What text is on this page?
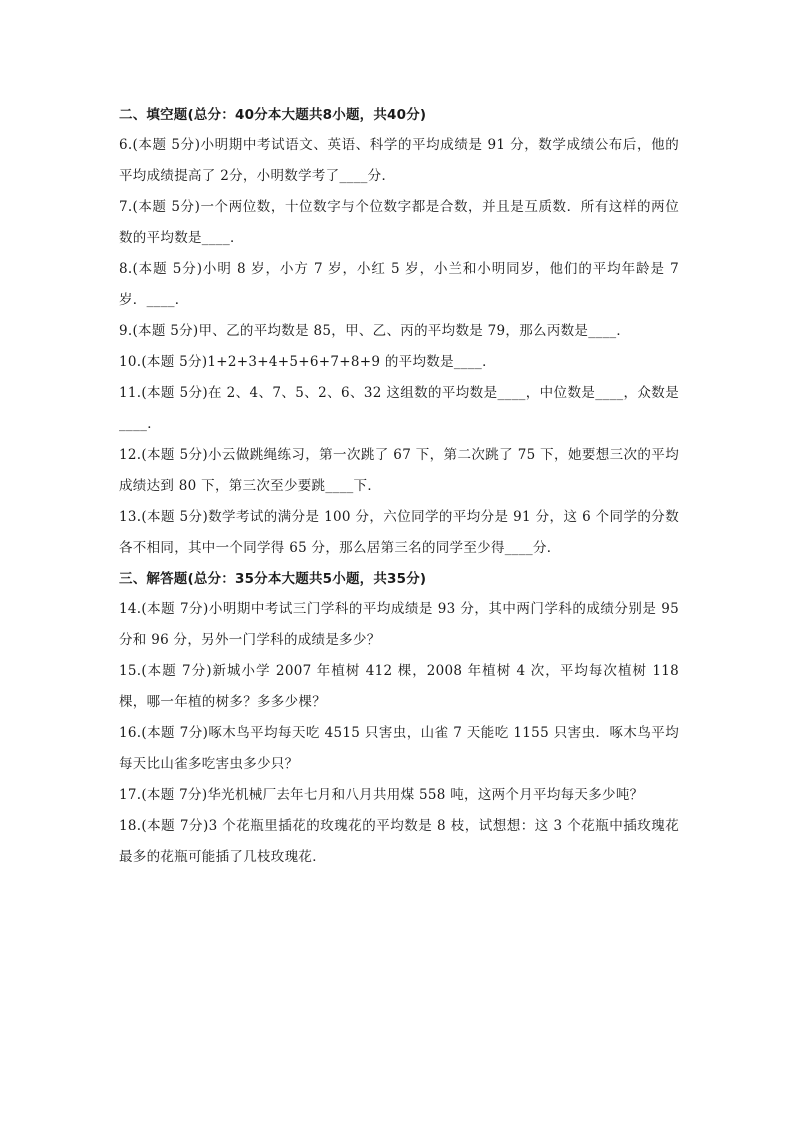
二、填空题(总分：40分本大题共8小题，共40分)
6.(本题 5分)小明期中考试语文、英语、科学的平均成绩是 91 分，数学成绩公布后，他的平均成绩提高了 2分，小明数学考了____分．
7.(本题 5分)一个两位数，十位数字与个位数字都是合数，并且是互质数．所有这样的两位数的平均数是____．
8.(本题 5分)小明 8 岁，小方 7 岁，小红 5 岁，小兰和小明同岁，他们的平均年龄是 7岁．____．
9.(本题 5分)甲、乙的平均数是 85，甲、乙、丙的平均数是 79，那么丙数是____．
10.(本题 5分)1+2+3+4+5+6+7+8+9 的平均数是____．
11.(本题 5分)在 2、4、7、5、2、6、32 这组数的平均数是____，中位数是____，众数是____．
12.(本题 5分)小云做跳绳练习，第一次跳了 67 下，第二次跳了 75 下，她要想三次的平均成绩达到 80 下，第三次至少要跳____下．
13.(本题 5分)数学考试的满分是 100 分，六位同学的平均分是 91 分，这 6 个同学的分数各不相同，其中一个同学得 65 分，那么居第三名的同学至少得____分．
三、解答题(总分：35分本大题共5小题，共35分)
14.(本题 7分)小明期中考试三门学科的平均成绩是 93 分，其中两门学科的成绩分别是 95分和 96 分，另外一门学科的成绩是多少？
15.(本题 7分)新城小学 2007 年植树 412 棵，2008 年植树 4 次，平均每次植树 118 棵，哪一年植的树多？多多少棵？
16.(本题 7分)啄木鸟平均每天吃 4515 只害虫，山雀 7 天能吃 1155 只害虫．啄木鸟平均每天比山雀多吃害虫多少只？
17.(本题 7分)华光机械厂去年七月和八月共用煤 558 吨，这两个月平均每天多少吨？
18.(本题 7分)3 个花瓶里插花的玫瑰花的平均数是 8 枝，试想想：这 3 个花瓶中插玫瑰花最多的花瓶可能插了几枝玫瑰花．
